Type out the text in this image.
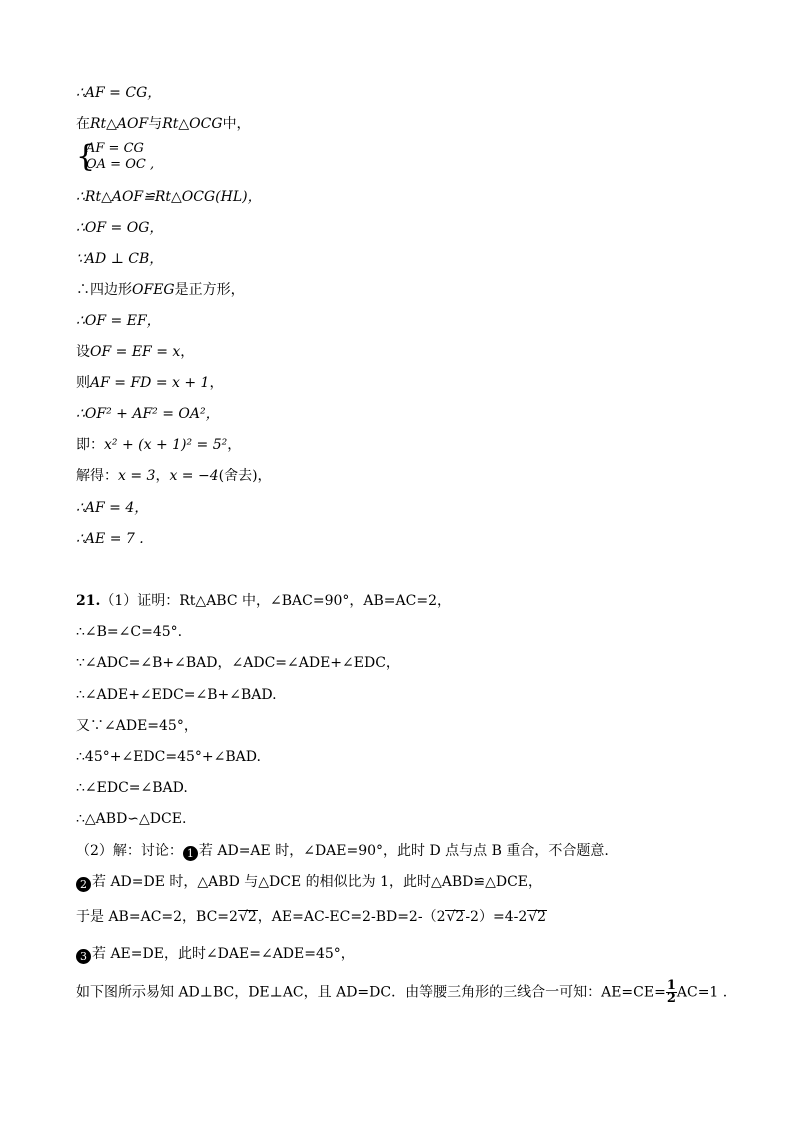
∴AF = CG，
在Rt△AOF与Rt△OCG中，
{
AF = CG
OA = OC ,
∴Rt△AOF≌Rt△OCG(HL)，
∴OF = OG，
∵AD ⊥ CB，
∴四边形OFEG是正方形，
∴OF = EF，
设OF = EF = x，
则AF = FD = x + 1，
∴OF² + AF² = OA²，
即：x² + (x + 1)² = 5²，
解得：x = 3，x = −4(舍去)，
∴AF = 4，
∴AE = 7 .
21.（1）证明：Rt△ABC 中，∠BAC=90°，AB=AC=2，
∴∠B=∠C=45°.
∵∠ADC=∠B+∠BAD，∠ADC=∠ADE+∠EDC，
∴∠ADE+∠EDC=∠B+∠BAD.
又∵∠ADE=45°，
∴45°+∠EDC=45°+∠BAD.
∴∠EDC=∠BAD.
∴△ABD∽△DCE.
（2）解：讨论： 1 若 AD=AE 时，∠DAE=90°，此时 D 点与点 B 重合，不合题意.
2 若 AD=DE 时，△ABD 与△DCE 的相似比为 1，此时△ABD≌△DCE，
于是 AB=AC=2，BC=2√2，AE=AC-EC=2-BD=2-（2√2-2）=4-2√2
3 若 AE=DE，此时∠DAE=∠ADE=45°，
如下图所示易知 AD⊥BC，DE⊥AC，且 AD=DC．由等腰三角形的三线合一可知：$AE=CE= \frac{1}{2} AC=1$ .
